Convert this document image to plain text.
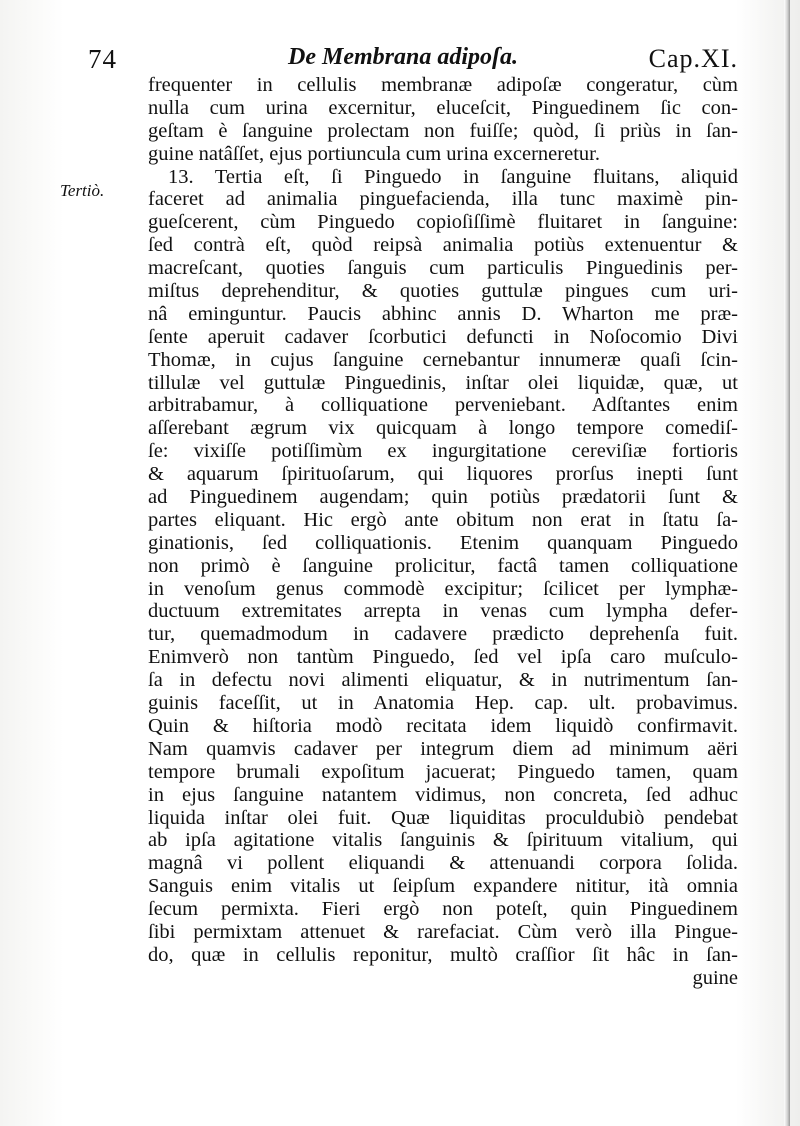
74	De Membrana adipoſa.	Cap.XI.
Tertiò.
frequenter in cellulis membranæ adipoſæ congeratur, cùm
nulla cum urina excernitur, eluceſcit, Pinguedinem ſic con-
geſtam è ſanguine prolectam non fuiſſe; quòd, ſi priùs in ſan-
guine natâſſet, ejus portiuncula cum urina excerneretur.
13. Tertia eſt, ſi Pinguedo in ſanguine fluitans, aliquid
faceret ad animalia pinguefacienda, illa tunc maximè pin-
gueſcerent, cùm Pinguedo copioſiſſimè fluitaret in ſanguine:
ſed contrà eſt, quòd reipsà animalia potiùs extenuentur &
macreſcant, quoties ſanguis cum particulis Pinguedinis per-
miſtus deprehenditur, & quoties guttulæ pingues cum uri-
nâ eminguntur. Paucis abhinc annis D. Wharton me præ-
ſente aperuit cadaver ſcorbutici defuncti in Noſocomio Divi
Thomæ, in cujus ſanguine cernebantur innumeræ quaſi ſcin-
tillulæ vel guttulæ Pinguedinis, inſtar olei liquidæ, quæ, ut
arbitrabamur, à colliquatione perveniebant. Adſtantes enim
aſſerebant ægrum vix quicquam à longo tempore comediſ-
ſe: vixiſſe potiſſimùm ex ingurgitatione cereviſiæ fortioris
& aquarum ſpirituoſarum, qui liquores prorſus inepti ſunt
ad Pinguedinem augendam; quin potiùs prædatorii ſunt &
partes eliquant. Hic ergò ante obitum non erat in ſtatu ſa-
ginationis, ſed colliquationis. Etenim quanquam Pinguedo
non primò è ſanguine prolicitur, factâ tamen colliquatione
in venoſum genus commodè excipitur; ſcilicet per lymphæ-
ductuum extremitates arrepta in venas cum lympha defer-
tur, quemadmodum in cadavere prædicto deprehenſa fuit.
Enimverò non tantùm Pinguedo, ſed vel ipſa caro muſculo-
ſa in defectu novi alimenti eliquatur, & in nutrimentum ſan-
guinis faceſſit, ut in Anatomia Hep. cap. ult. probavimus.
Quin & hiſtoria modò recitata idem liquidò confirmavit.
Nam quamvis cadaver per integrum diem ad minimum aëri
tempore brumali expoſitum jacuerat; Pinguedo tamen, quam
in ejus ſanguine natantem vidimus, non concreta, ſed adhuc
liquida inſtar olei fuit. Quæ liquiditas proculdubiò pendebat
ab ipſa agitatione vitalis ſanguinis & ſpirituum vitalium, qui
magnâ vi pollent eliquandi & attenuandi corpora ſolida.
Sanguis enim vitalis ut ſeipſum expandere nititur, ità omnia
ſecum permixta. Fieri ergò non poteſt, quin Pinguedinem
ſibi permixtam attenuet & rarefaciat. Cùm verò illa Pingue-
do, quæ in cellulis reponitur, multò craſſior ſit hâc in ſan-
guine
